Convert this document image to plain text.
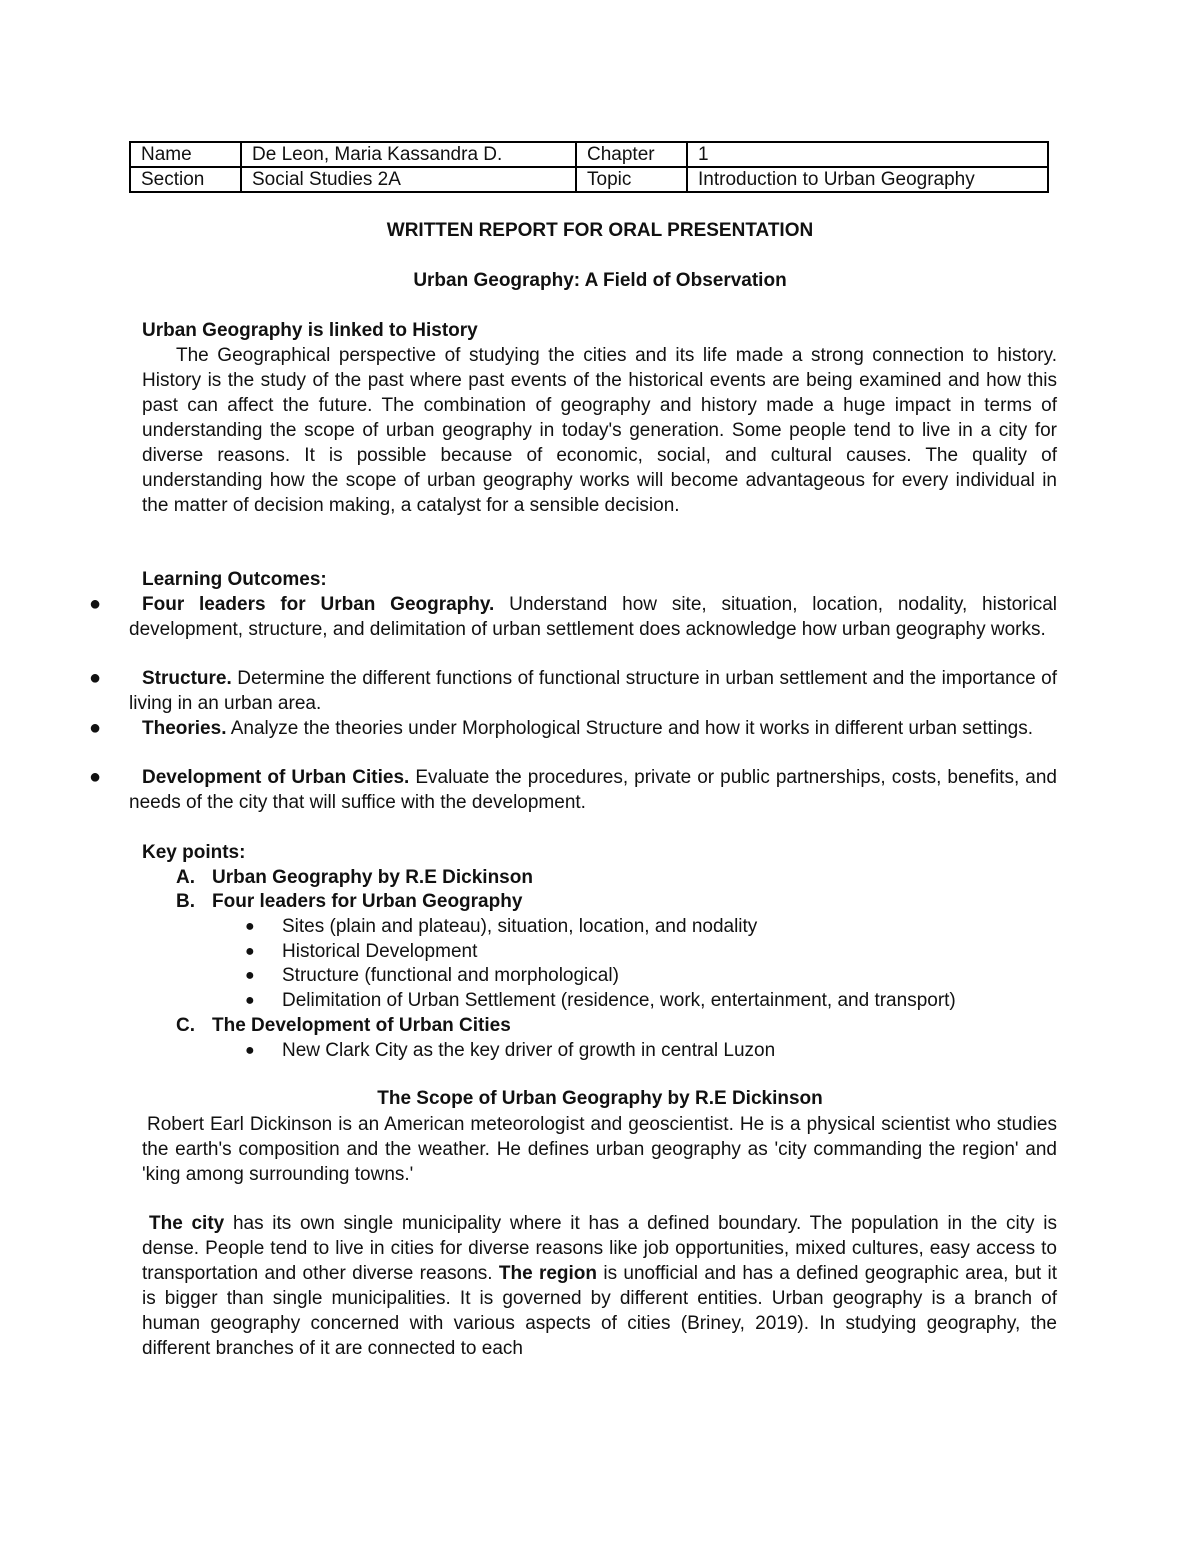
Name	De Leon, Maria Kassandra D.	Chapter	1
Section	Social Studies 2A	Topic	Introduction to Urban Geography
WRITTEN REPORT FOR ORAL PRESENTATION
Urban Geography: A Field of Observation
Urban Geography is linked to History
The Geographical perspective of studying the cities and its life made a strong connection to history. History is the study of the past where past events of the historical events are being examined and how this past can affect the future. The combination of geography and history made a huge impact in terms of understanding the scope of urban geography in today's generation. Some people tend to live in a city for diverse reasons. It is possible because of economic, social, and cultural causes. The quality of understanding how the scope of urban geography works will become advantageous for every individual in the matter of decision making, a catalyst for a sensible decision.
Learning Outcomes:
●	Four leaders for Urban Geography. Understand how site, situation, location, nodality, historical development, structure, and delimitation of urban settlement does acknowledge how urban geography works.
●	Structure. Determine the different functions of functional structure in urban settlement and the importance of living in an urban area.
●	Theories. Analyze the theories under Morphological Structure and how it works in different urban settings.
●	Development of Urban Cities. Evaluate the procedures, private or public partnerships, costs, benefits, and needs of the city that will suffice with the development.
Key points:
A. Urban Geography by R.E Dickinson
B. Four leaders for Urban Geography
● Sites (plain and plateau), situation, location, and nodality
● Historical Development
● Structure (functional and morphological)
● Delimitation of Urban Settlement (residence, work, entertainment, and transport)
C. The Development of Urban Cities
● New Clark City as the key driver of growth in central Luzon
The Scope of Urban Geography by R.E Dickinson
Robert Earl Dickinson is an American meteorologist and geoscientist. He is a physical scientist who studies the earth's composition and the weather. He defines urban geography as 'city commanding the region' and 'king among surrounding towns.'
The city has its own single municipality where it has a defined boundary. The population in the city is dense. People tend to live in cities for diverse reasons like job opportunities, mixed cultures, easy access to transportation and other diverse reasons. The region is unofficial and has a defined geographic area, but it is bigger than single municipalities. It is governed by different entities. Urban geography is a branch of human geography concerned with various aspects of cities (Briney, 2019). In studying geography, the different branches of it are connected to each
